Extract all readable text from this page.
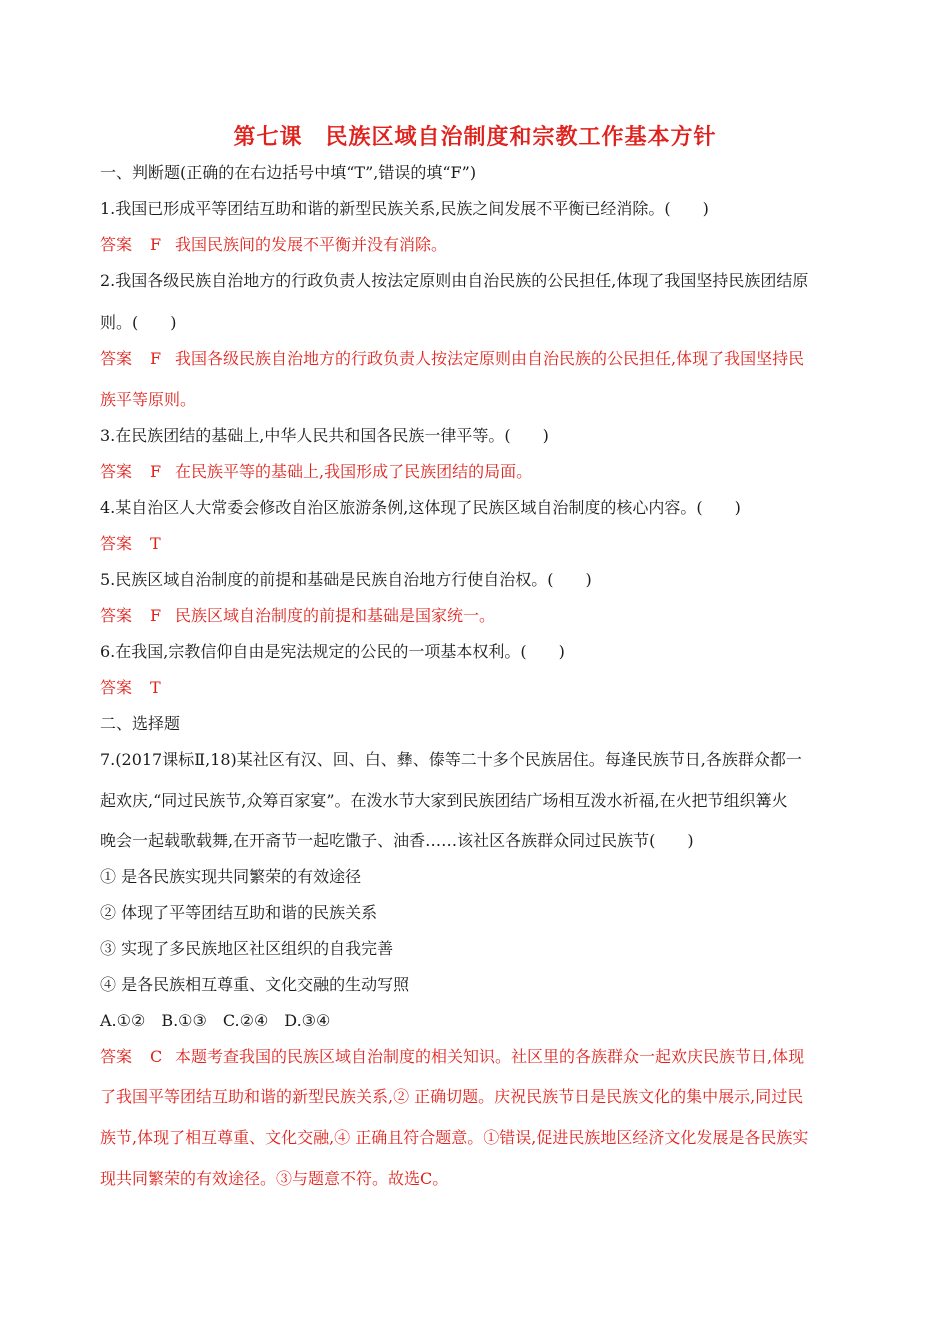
第七课　民族区域自治制度和宗教工作基本方针
一、判断题(正确的在右边括号中填“T”,错误的填“F”)
1.我国已形成平等团结互助和谐的新型民族关系,民族之间发展不平衡已经消除。(　　)
答案 F 我国民族间的发展不平衡并没有消除。
2.我国各级民族自治地方的行政负责人按法定原则由自治民族的公民担任,体现了我国坚持民族团结原
则。(　　)
答案 F 我国各级民族自治地方的行政负责人按法定原则由自治民族的公民担任,体现了我国坚持民
族平等原则。
3.在民族团结的基础上,中华人民共和国各民族一律平等。(　　)
答案 F 在民族平等的基础上,我国形成了民族团结的局面。
4.某自治区人大常委会修改自治区旅游条例,这体现了民族区域自治制度的核心内容。(　　)
答案 T
5.民族区域自治制度的前提和基础是民族自治地方行使自治权。(　　)
答案 F 民族区域自治制度的前提和基础是国家统一。
6.在我国,宗教信仰自由是宪法规定的公民的一项基本权利。(　　)
答案 T
二、选择题
7.(2017课标Ⅱ,18)某社区有汉、回、白、彝、傣等二十多个民族居住。每逢民族节日,各族群众都一
起欢庆,“同过民族节,众筹百家宴”。在泼水节大家到民族团结广场相互泼水祈福,在火把节组织篝火
晚会一起载歌载舞,在开斋节一起吃馓子、油香……该社区各族群众同过民族节(　　)
① 是各民族实现共同繁荣的有效途径
② 体现了平等团结互助和谐的民族关系
③ 实现了多民族地区社区组织的自我完善
④ 是各民族相互尊重、文化交融的生动写照
A.①②　B.①③　C.②④　D.③④
答案 C 本题考查我国的民族区域自治制度的相关知识。社区里的各族群众一起欢庆民族节日,体现
了我国平等团结互助和谐的新型民族关系,② 正确切题。庆祝民族节日是民族文化的集中展示,同过民
族节,体现了相互尊重、文化交融,④ 正确且符合题意。①错误,促进民族地区经济文化发展是各民族实
现共同繁荣的有效途径。③与题意不符。故选C。
